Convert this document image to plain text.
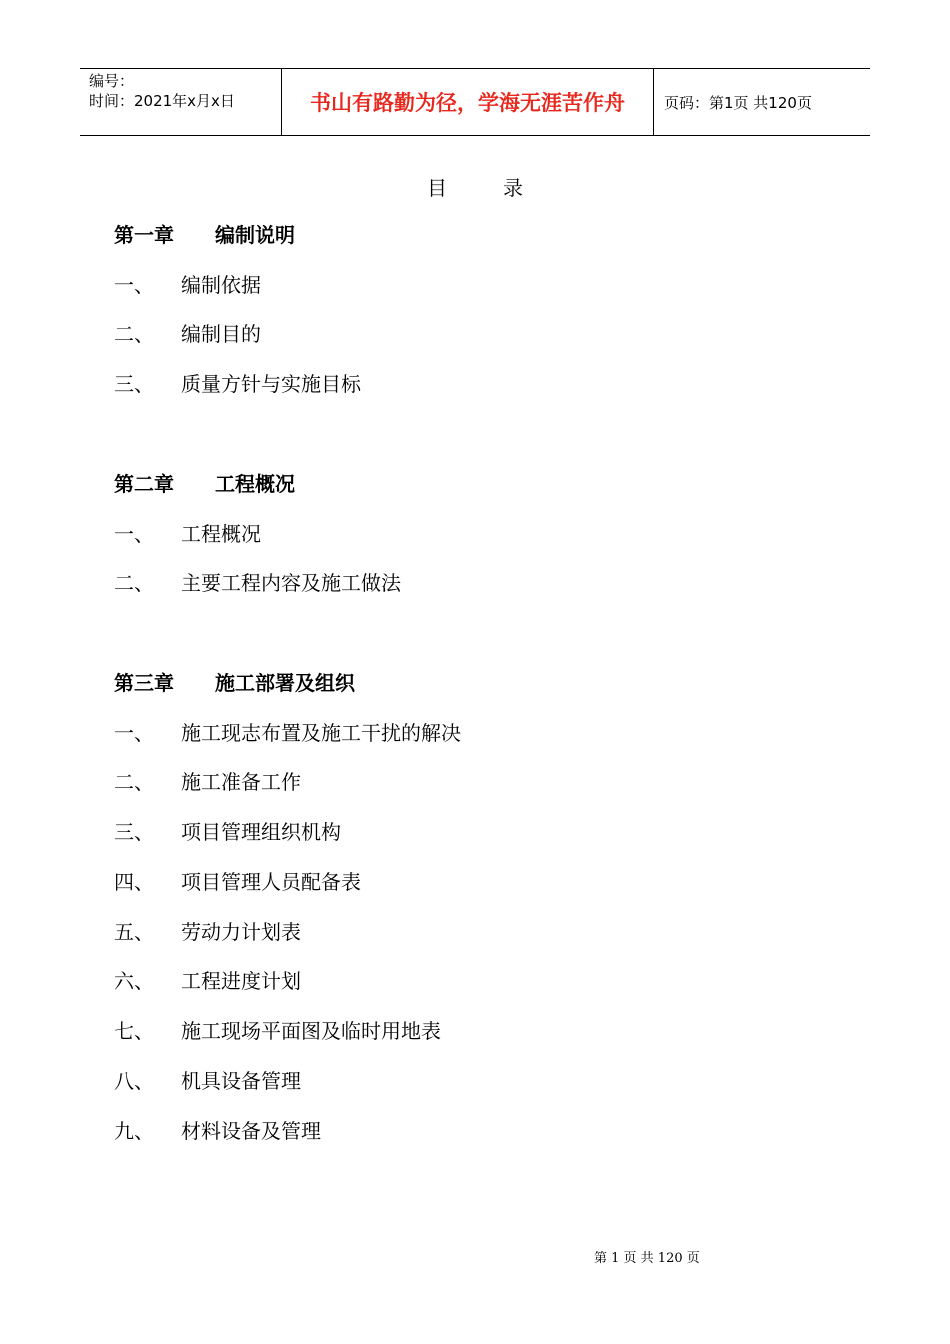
编号：
时间：2021年x月x日	书山有路勤为径，学海无涯苦作舟	页码：第1页 共120页
目	录
第一章 编制说明
一、 编制依据
二、 编制目的
三、 质量方针与实施目标
第二章 工程概况
一、 工程概况
二、 主要工程内容及施工做法
第三章 施工部署及组织
一、 施工现志布置及施工干扰的解决
二、 施工准备工作
三、 项目管理组织机构
四、 项目管理人员配备表
五、 劳动力计划表
六、 工程进度计划
七、 施工现场平面图及临时用地表
八、 机具设备管理
九、 材料设备及管理
第 1 页 共 120 页
